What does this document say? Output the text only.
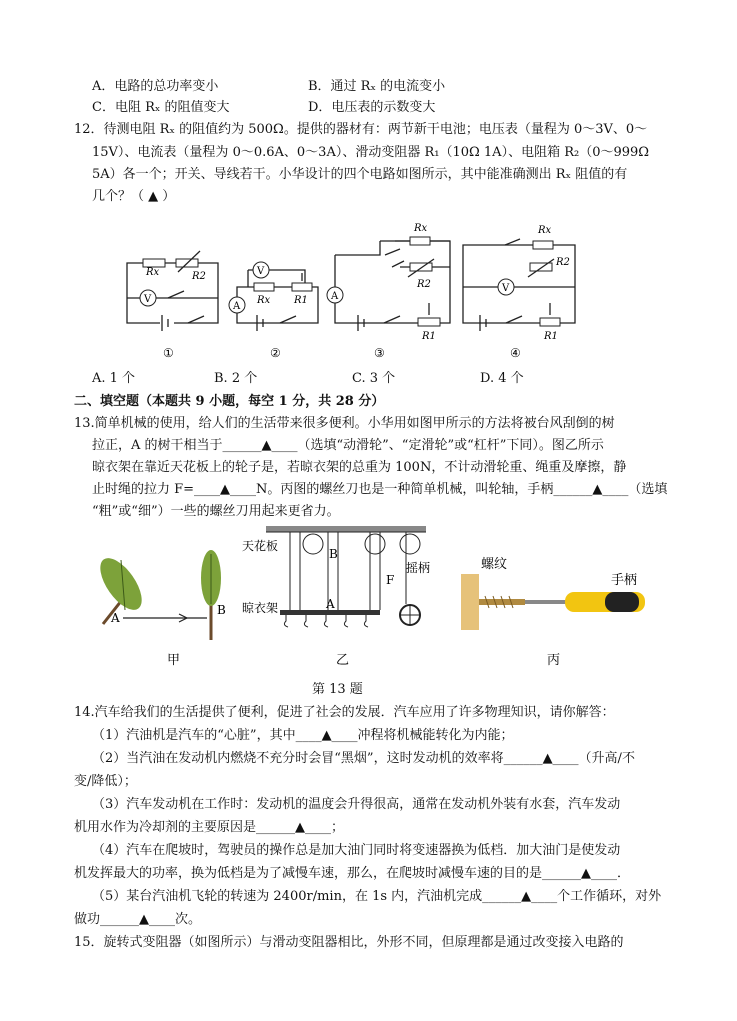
A．电路的总功率变小	B．通过 Rₓ 的电流变小
C．电阻 Rₓ 的阻值变大	D．电压表的示数变大
12．待测电阻 Rₓ 的阻值约为 500Ω。提供的器材有：两节新干电池；电压表（量程为 0～3V、0～
15V）、电流表（量程为 0～0.6A、0～3A）、滑动变阻器 R₁（10Ω 1A）、电阻箱 R₂（0～999Ω
5A）各一个；开关、导线若干。小华设计的四个电路如图所示，其中能准确测出 Rₓ 阻值的有
几个？（ ▲ ）
Rx	R2
V
①
V
A
Rx R1
②
A
Rx
R2
R1
③
Rx
R2
V
R1
④
A. 1 个	B. 2 个	C. 3 个	D. 4 个
二、填空题（本题共 9 小题，每空 1 分，共 28 分）
13.简单机械的使用，给人们的生活带来很多便利。小华用如图甲所示的方法将被台风刮倒的树
拉正，A 的树干相当于______▲____（选填“动滑轮”、“定滑轮”或“杠杆”下同）。图乙所示
晾衣架在靠近天花板上的轮子是，若晾衣架的总重为 100N，不计动滑轮重、绳重及摩擦，静
止时绳的拉力 F=____▲____N。丙图的螺丝刀也是一种简单机械，叫轮轴，手柄______▲____（选填
“粗”或“细”）一些的螺丝刀用起来更省力。
A
B
甲
天花板
B
F
摇柄
晾衣架	A
乙
螺纹
手柄
丙
第 13 题
14.汽车给我们的生活提供了便利，促进了社会的发展．汽车应用了许多物理知识，请你解答：
（1）汽油机是汽车的“心脏”，其中____▲____冲程将机械能转化为内能；
（2）当汽油在发动机内燃烧不充分时会冒“黑烟”，这时发动机的效率将______▲____（升高/不
变/降低）；
（3）汽车发动机在工作时：发动机的温度会升得很高，通常在发动机外装有水套，汽车发动
机用水作为冷却剂的主要原因是______▲____；
（4）汽车在爬坡时，驾驶员的操作总是加大油门同时将变速器换为低档．加大油门是使发动
机发挥最大的功率，换为低档是为了减慢车速，那么，在爬坡时减慢车速的目的是______▲____．
（5）某台汽油机飞轮的转速为 2400r/min，在 1s 内，汽油机完成______▲____个工作循环，对外
做功______▲____次。
15．旋转式变阻器（如图所示）与滑动变阻器相比，外形不同，但原理都是通过改变接入电路的
